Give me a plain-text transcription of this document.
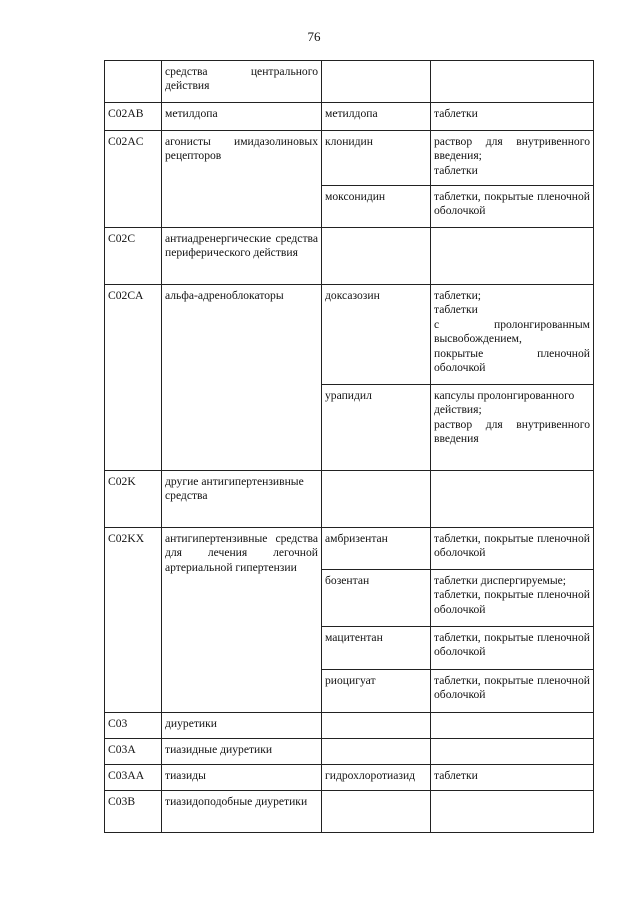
76
	средства центрального действия		
C02AB	метилдопа	метилдопа	таблетки
C02AC	агонисты имидазолиновых рецепторов	клонидин	раствор для внутривенного введения;
таблетки

		моксонидин	таблетки, покрытые пленочной оболочкой
C02C	антиадренергические средства периферического действия		
C02CA	альфа-адреноблокаторы	доксазозин	таблетки;
таблетки
с пролонгированным высвобождением,
покрытые пленочной оболочкой

		урапидил	капсулы пролонгированного действия;
раствор для внутривенного введения

C02K	другие антигипертензивные средства		
C02KX	антигипертензивные средства для лечения легочной артериальной гипертензии	амбризентан	таблетки, покрытые пленочной оболочкой
		бозентан	таблетки диспергируемые;
таблетки, покрытые пленочной оболочкой

		мацитентан	таблетки, покрытые пленочной оболочкой
		риоцигуат	таблетки, покрытые пленочной оболочкой
C03	диуретики		
C03A	тиазидные диуретики		
C03AA	тиазиды	гидрохлоротиазид	таблетки
C03B	тиазидоподобные диуретики		
